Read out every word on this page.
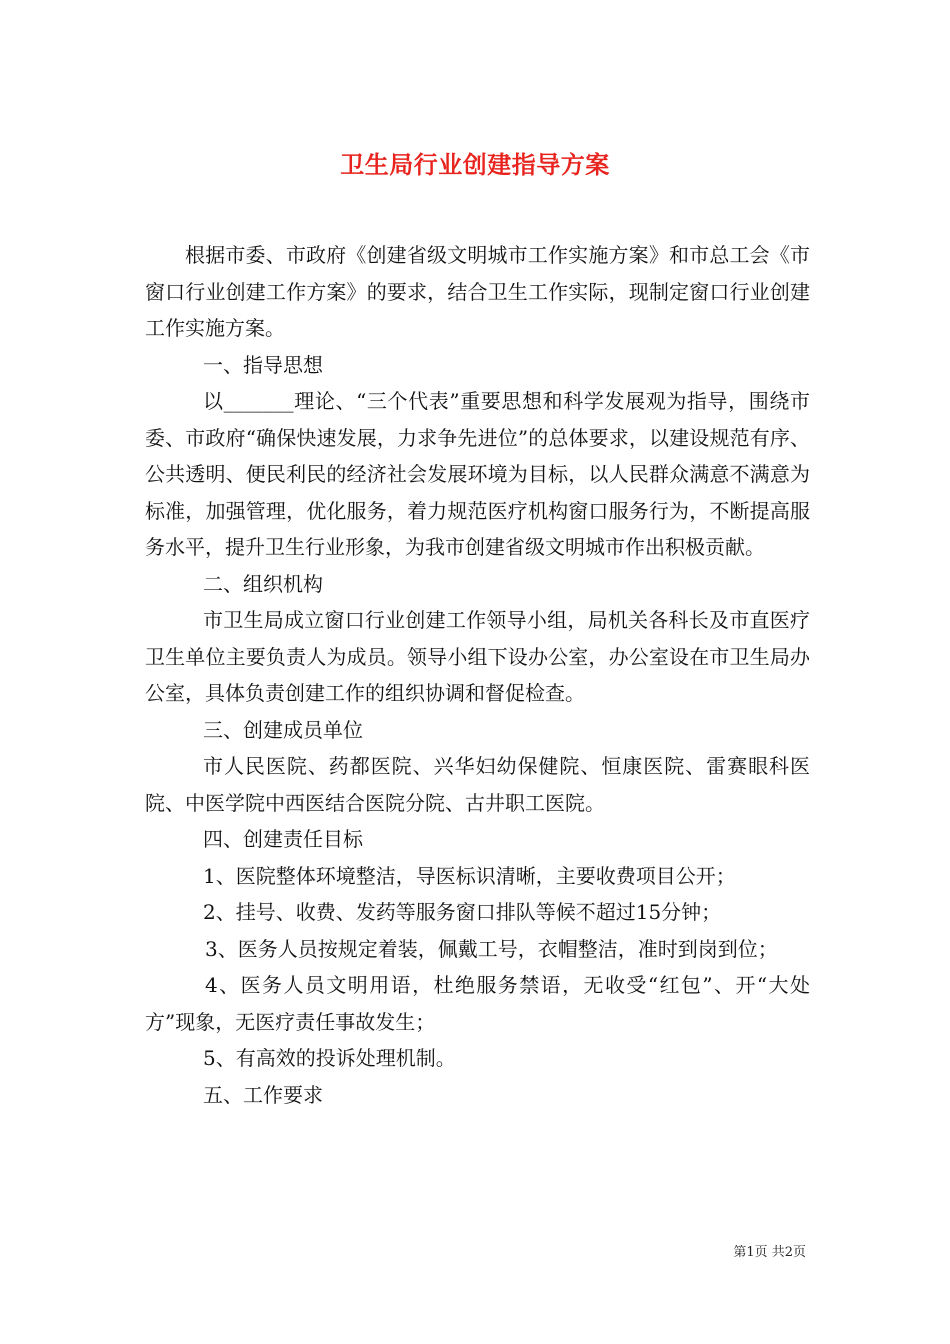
卫生局行业创建指导方案

根据市委、市政府《创建省级文明城市工作实施方案》和市总工会《市窗口行业创建工作方案》的要求，结合卫生工作实际，现制定窗口行业创建工作实施方案。

一、指导思想

以_______理论、“三个代表”重要思想和科学发展观为指导，围绕市委、市政府“确保快速发展，力求争先进位”的总体要求，以建设规范有序、公共透明、便民利民的经济社会发展环境为目标，以人民群众满意不满意为标准，加强管理，优化服务，着力规范医疗机构窗口服务行为，不断提高服务水平，提升卫生行业形象，为我市创建省级文明城市作出积极贡献。

二、组织机构

市卫生局成立窗口行业创建工作领导小组，局机关各科长及市直医疗卫生单位主要负责人为成员。领导小组下设办公室，办公室设在市卫生局办公室，具体负责创建工作的组织协调和督促检查。

三、创建成员单位

市人民医院、药都医院、兴华妇幼保健院、恒康医院、雷赛眼科医院、中医学院中西医结合医院分院、古井职工医院。

四、创建责任目标

1、医院整体环境整洁，导医标识清晰，主要收费项目公开；

2、挂号、收费、发药等服务窗口排队等候不超过15分钟；

3、医务人员按规定着装，佩戴工号，衣帽整洁，准时到岗到位；

4、医务人员文明用语，杜绝服务禁语，无收受“红包”、开“大处方”现象，无医疗责任事故发生；

5、有高效的投诉处理机制。

五、工作要求

第1页 共2页
